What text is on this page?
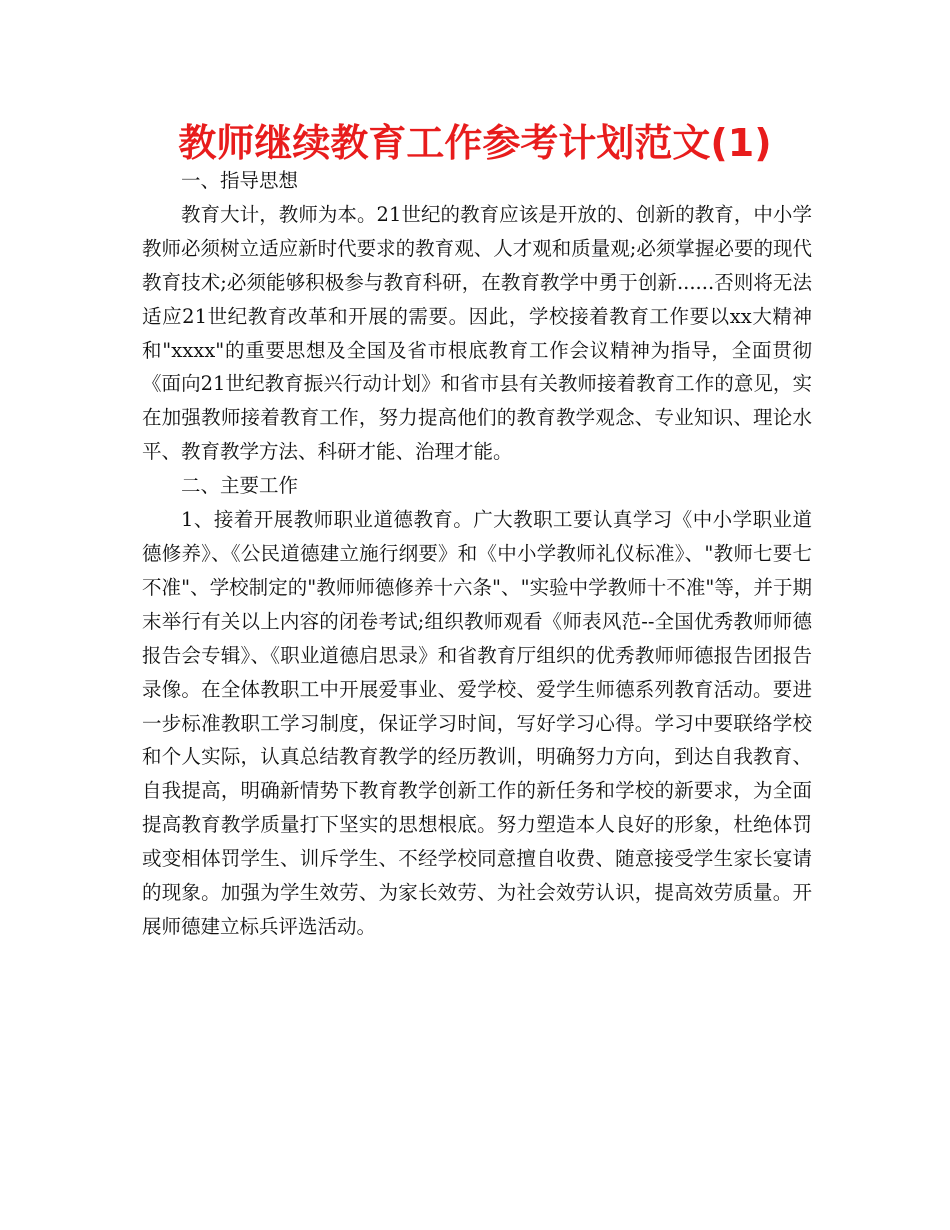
教师继续教育工作参考计划范文(1)

一、指导思想

教育大计，教师为本。21世纪的教育应该是开放的、创新的教育，中小学教师必须树立适应新时代要求的教育观、人才观和质量观;必须掌握必要的现代教育技术;必须能够积极参与教育科研，在教育教学中勇于创新......否则将无法适应21世纪教育改革和开展的需要。因此，学校接着教育工作要以xx大精神和"xxxx"的重要思想及全国及省市根底教育工作会议精神为指导，全面贯彻《面向21世纪教育振兴行动计划》和省市县有关教师接着教育工作的意见，实在加强教师接着教育工作，努力提高他们的教育教学观念、专业知识、理论水平、教育教学方法、科研才能、治理才能。

二、主要工作

1、接着开展教师职业道德教育。广大教职工要认真学习《中小学职业道德修养》、《公民道德建立施行纲要》和《中小学教师礼仪标准》、"教师七要七不准"、学校制定的"教师师德修养十六条"、"实验中学教师十不准"等，并于期末举行有关以上内容的闭卷考试;组织教师观看《师表风范--全国优秀教师师德报告会专辑》、《职业道德启思录》和省教育厅组织的优秀教师师德报告团报告录像。在全体教职工中开展爱事业、爱学校、爱学生师德系列教育活动。要进一步标准教职工学习制度，保证学习时间，写好学习心得。学习中要联络学校和个人实际，认真总结教育教学的经历教训，明确努力方向，到达自我教育、自我提高，明确新情势下教育教学创新工作的新任务和学校的新要求，为全面提高教育教学质量打下坚实的思想根底。努力塑造本人良好的形象，杜绝体罚或变相体罚学生、训斥学生、不经学校同意擅自收费、随意接受学生家长宴请的现象。加强为学生效劳、为家长效劳、为社会效劳认识，提高效劳质量。开展师德建立标兵评选活动。
